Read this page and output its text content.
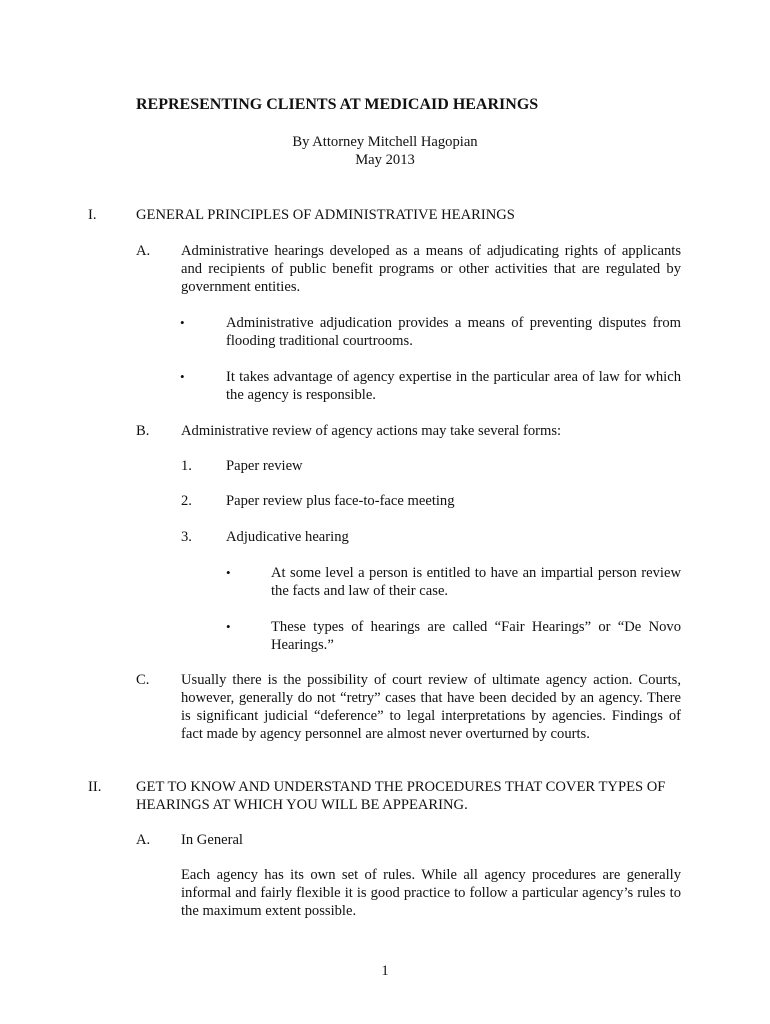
REPRESENTING CLIENTS AT MEDICAID HEARINGS
By Attorney Mitchell Hagopian
May 2013
I.	GENERAL PRINCIPLES OF ADMINISTRATIVE HEARINGS
A.	Administrative hearings developed as a means of adjudicating rights of applicants and recipients of public benefit programs or other activities that are regulated by government entities.
•	Administrative adjudication provides a means of preventing disputes from flooding traditional courtrooms.
•	It takes advantage of agency expertise in the particular area of law for which the agency is responsible.
B.	Administrative review of agency actions may take several forms:
1.	Paper review
2.	Paper review plus face-to-face meeting
3.	Adjudicative hearing
•	At some level a person is entitled to have an impartial person review the facts and law of their case.
•	These types of hearings are called “Fair Hearings” or “De Novo Hearings.”
C.	Usually there is the possibility of court review of ultimate agency action. Courts, however, generally do not “retry” cases that have been decided by an agency. There is significant judicial “deference” to legal interpretations by agencies. Findings of fact made by agency personnel are almost never overturned by courts.
II.	GET TO KNOW AND UNDERSTAND THE PROCEDURES THAT COVER TYPES OF HEARINGS AT WHICH YOU WILL BE APPEARING.
A.	In General
Each agency has its own set of rules. While all agency procedures are generally informal and fairly flexible it is good practice to follow a particular agency’s rules to the maximum extent possible.
1
